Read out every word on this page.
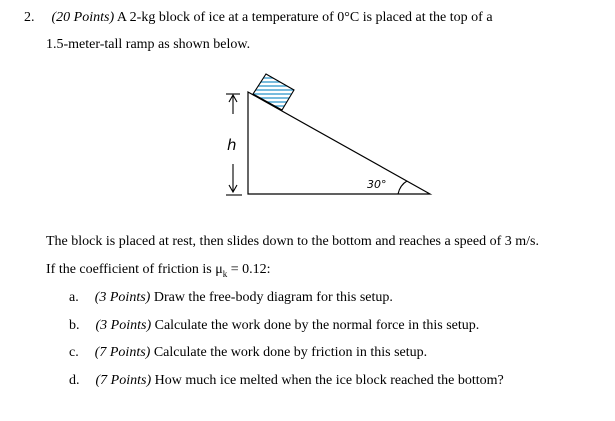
2. (20 Points) A 2-kg block of ice at a temperature of 0°C is placed at the top of a
1.5-meter-tall ramp as shown below.
h
30°
The block is placed at rest, then slides down to the bottom and reaches a speed of 3 m/s.
If the coefficient of friction is $\mu_k = 0.12$:
a. (3 Points) Draw the free-body diagram for this setup.
b. (3 Points) Calculate the work done by the normal force in this setup.
c. (7 Points) Calculate the work done by friction in this setup.
d. (7 Points) How much ice melted when the ice block reached the bottom?
